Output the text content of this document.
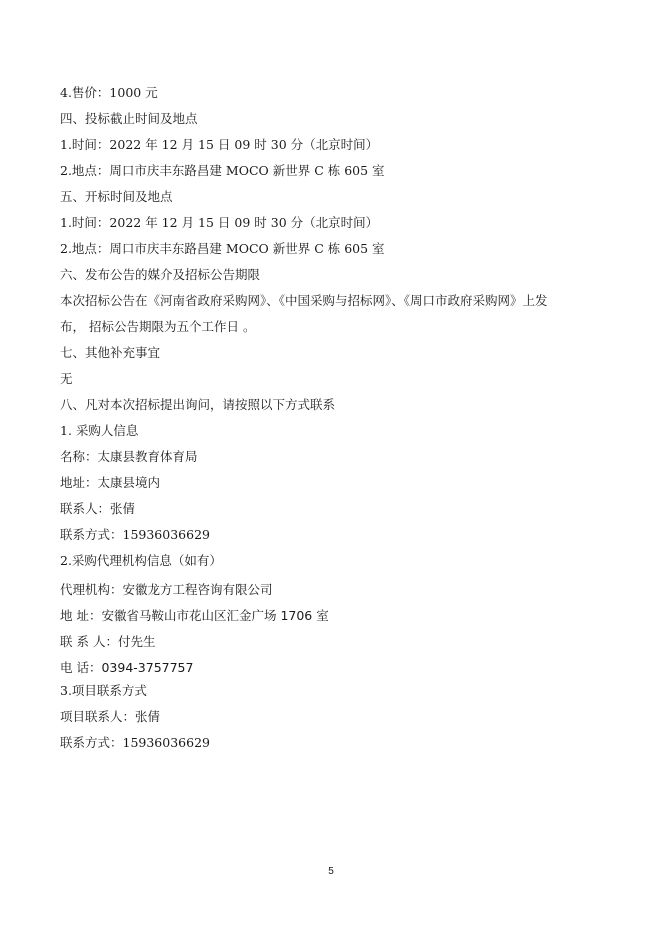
4.售价：1000 元
四、投标截止时间及地点
1.时间：2022 年 12 月 15 日 09 时 30 分（北京时间）
2.地点：周口市庆丰东路昌建 MOCO 新世界 C 栋 605 室
五、开标时间及地点
1.时间：2022 年 12 月 15 日 09 时 30 分（北京时间）
2.地点：周口市庆丰东路昌建 MOCO 新世界 C 栋 605 室
六、发布公告的媒介及招标公告期限
本次招标公告在《河南省政府采购网》、《中国采购与招标网》、《周口市政府采购网》上发
布， 招标公告期限为五个工作日 。
七、其他补充事宜
无
八、凡对本次招标提出询问，请按照以下方式联系
1. 采购人信息
名称：太康县教育体育局
地址：太康县境内
联系人：张倩
联系方式：15936036629
2.采购代理机构信息（如有）
代理机构：安徽龙方工程咨询有限公司
地 址：安徽省马鞍山市花山区汇金广场 1706 室
联 系 人：付先生
电 话：0394-3757757
3.项目联系方式
项目联系人：张倩
联系方式：15936036629
5
